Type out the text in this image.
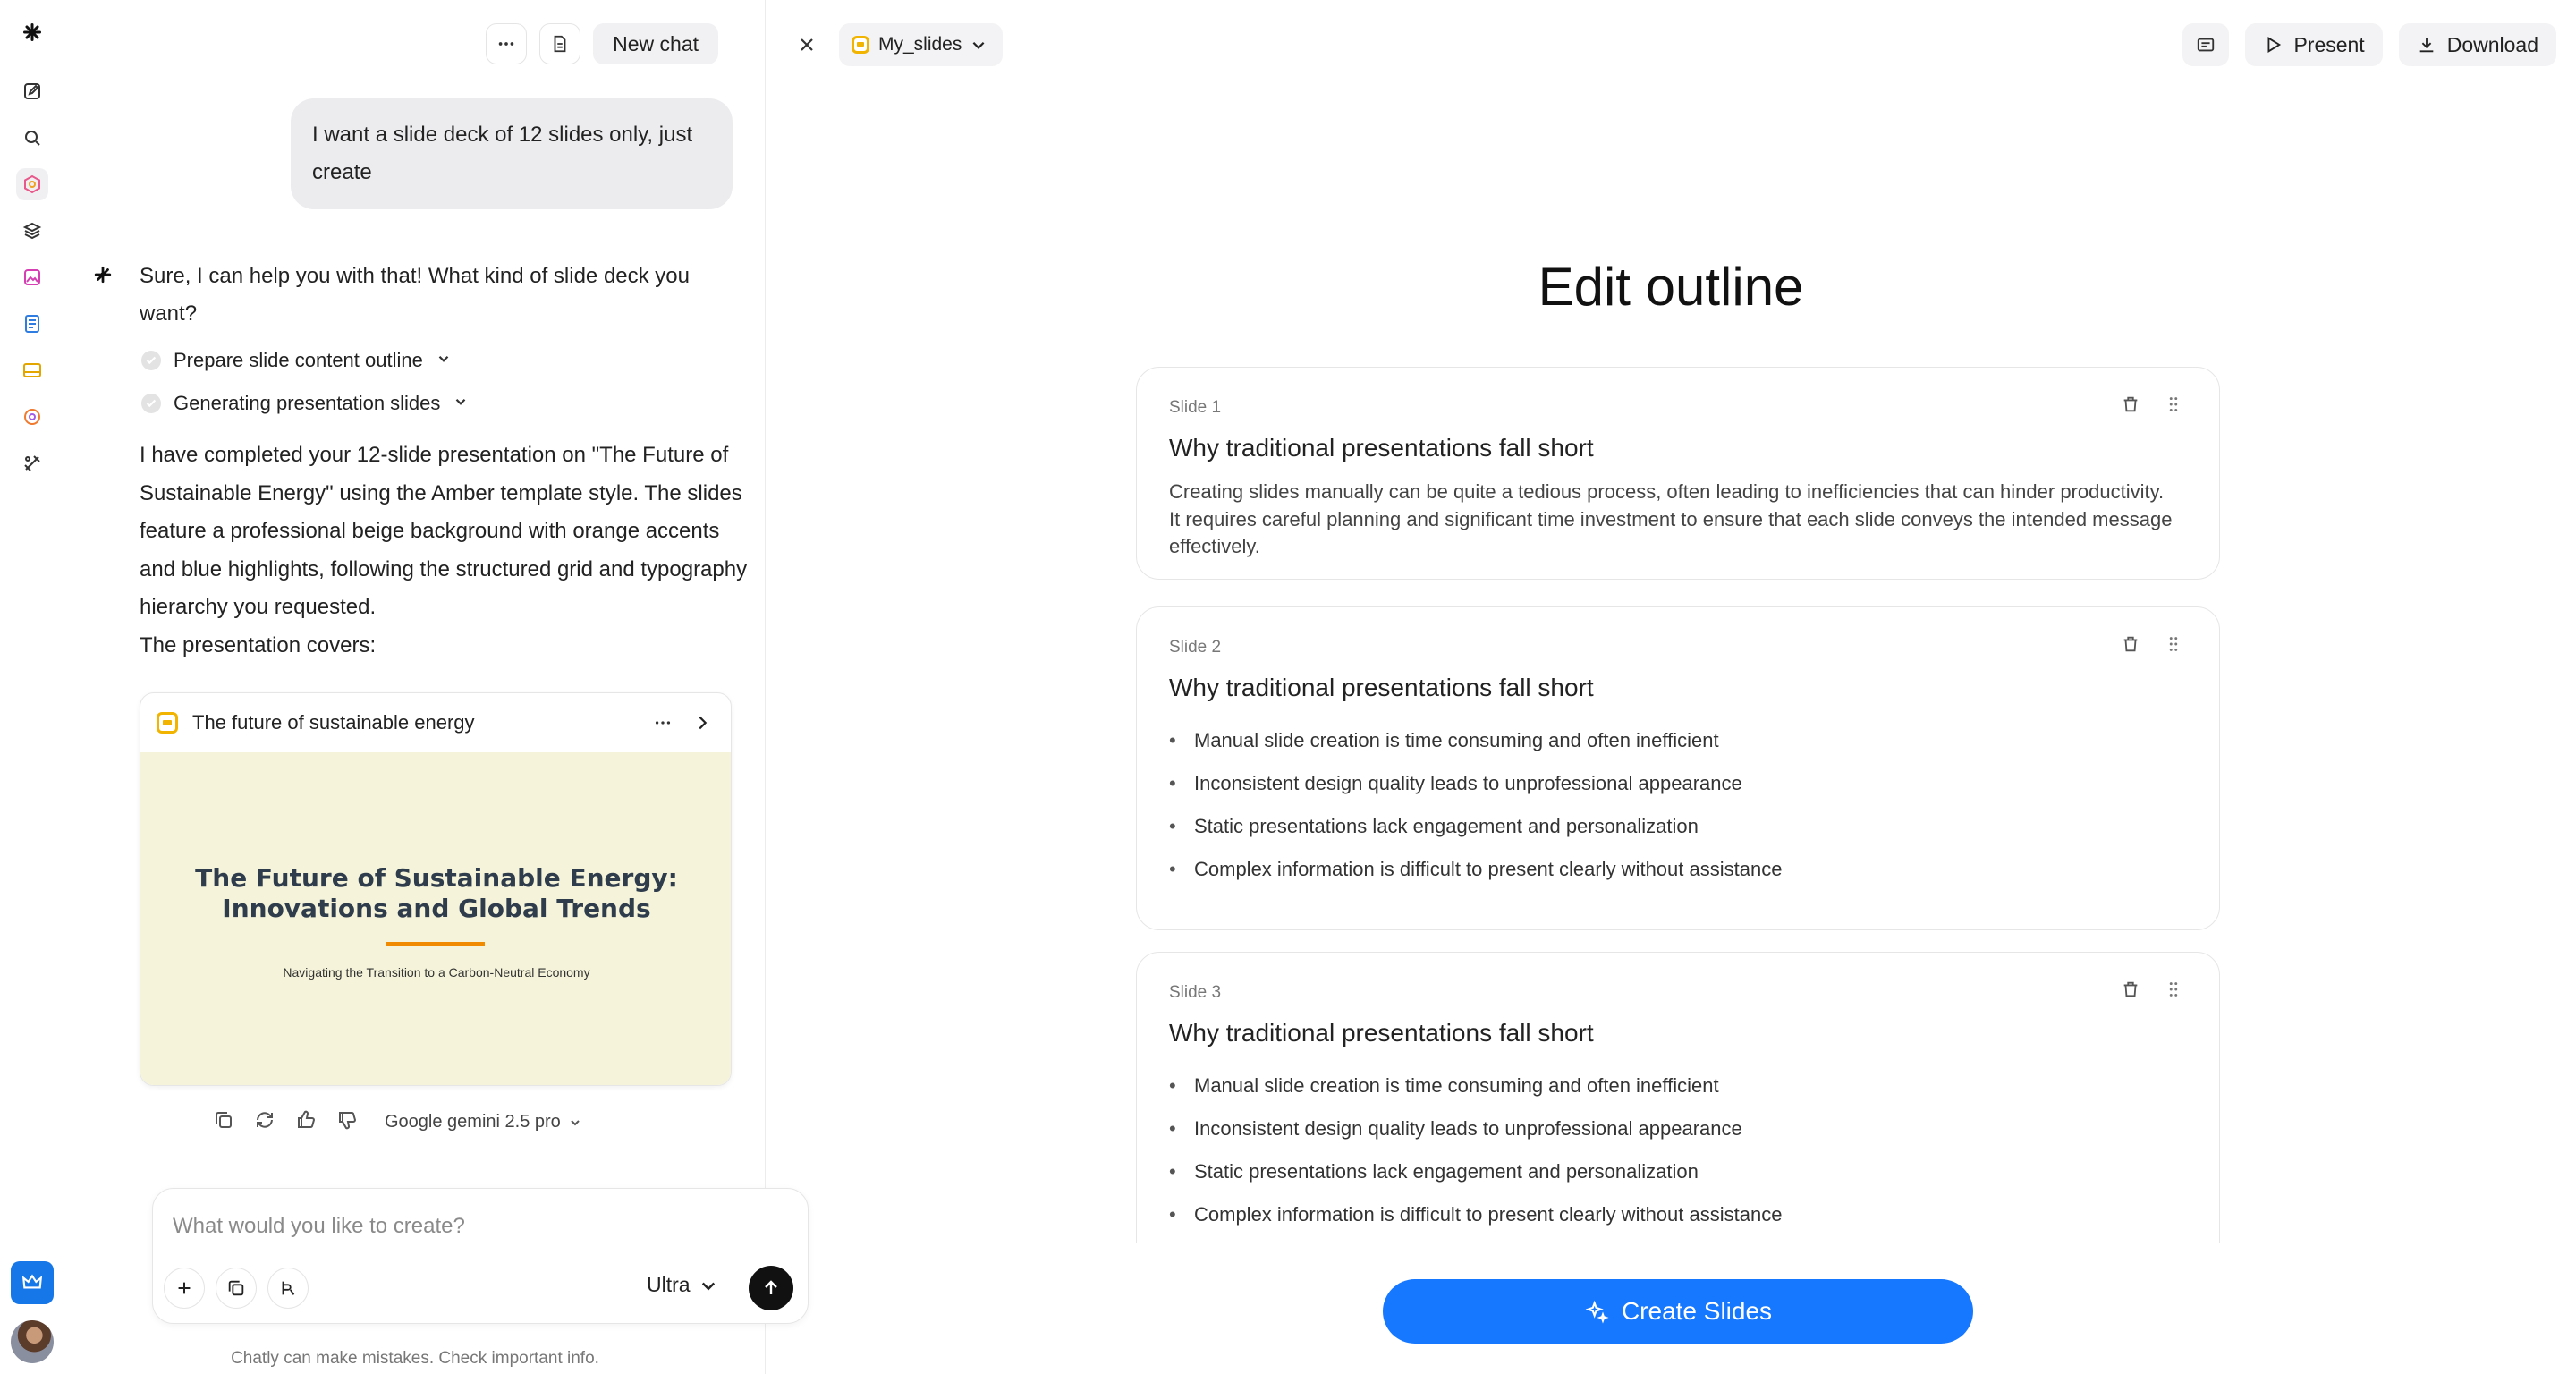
New chat
I want a slide deck of 12 slides only, just create
Sure, I can help you with that! What kind of slide deck you want?
Prepare slide content outline
Generating presentation slides
I have completed your 12-slide presentation on "The Future of Sustainable Energy" using the Amber template style. The slides feature a professional beige background with orange accents and blue highlights, following the structured grid and typography hierarchy you requested.
The presentation covers:
The future of sustainable energy
The Future of Sustainable Energy:
Innovations and Global Trends
Navigating the Transition to a Carbon-Neutral Economy
Google gemini 2.5 pro
What would you like to create?
Ultra
Chatly can make mistakes. Check important info.
My_slides	Present	Download
Edit outline
Slide 1
Why traditional presentations fall short
Creating slides manually can be quite a tedious process, often leading to inefficiencies that can hinder productivity. It requires careful planning and significant time investment to ensure that each slide conveys the intended message effectively.
Slide 2
Why traditional presentations fall short
• Manual slide creation is time consuming and often inefficient
• Inconsistent design quality leads to unprofessional appearance
• Static presentations lack engagement and personalization
• Complex information is difficult to present clearly without assistance
Slide 3
Why traditional presentations fall short
• Manual slide creation is time consuming and often inefficient
• Inconsistent design quality leads to unprofessional appearance
• Static presentations lack engagement and personalization
• Complex information is difficult to present clearly without assistance
Create Slides
